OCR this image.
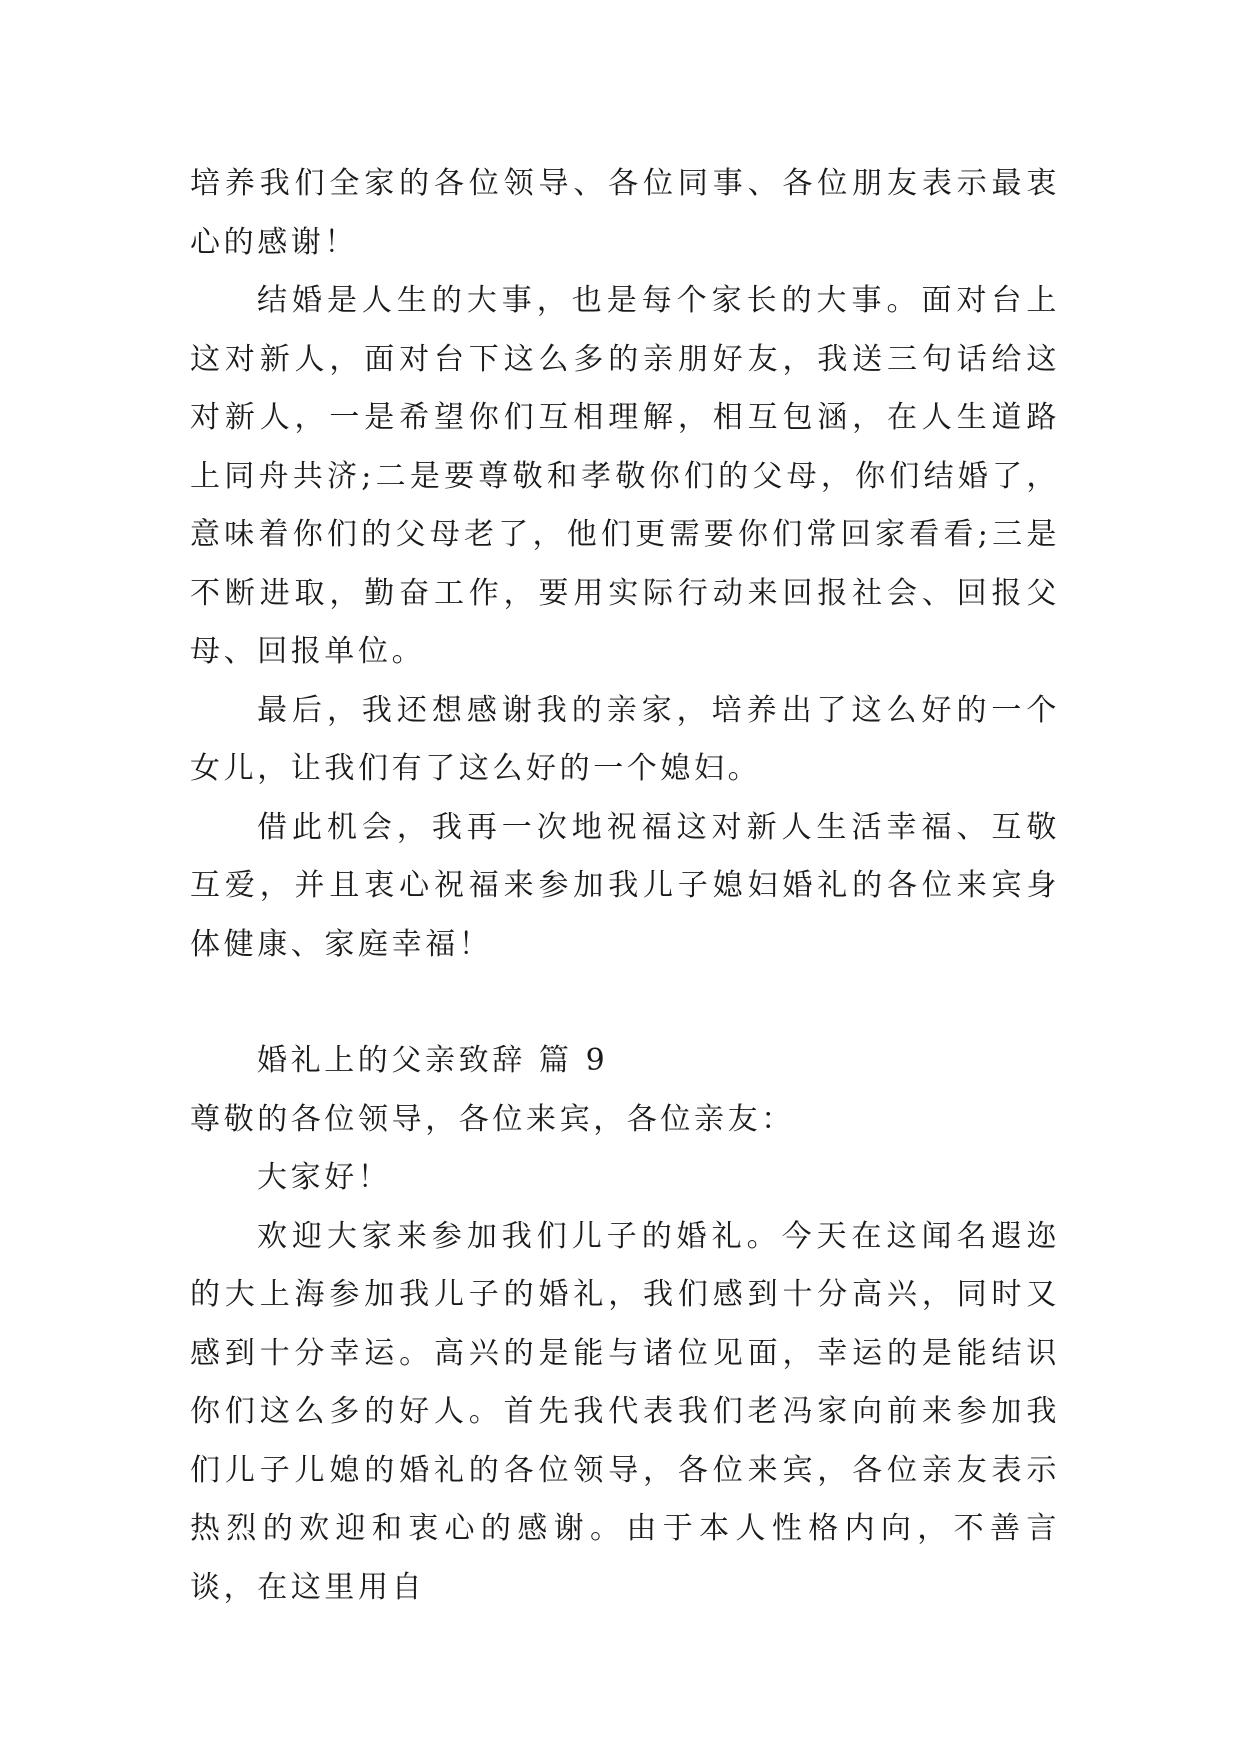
培养我们全家的各位领导、各位同事、各位朋友表示最衷心的感谢！

结婚是人生的大事，也是每个家长的大事。面对台上这对新人，面对台下这么多的亲朋好友，我送三句话给这对新人，一是希望你们互相理解，相互包涵，在人生道路上同舟共济;二是要尊敬和孝敬你们的父母，你们结婚了，意味着你们的父母老了，他们更需要你们常回家看看;三是不断进取，勤奋工作，要用实际行动来回报社会、回报父母、回报单位。

最后，我还想感谢我的亲家，培养出了这么好的一个女儿，让我们有了这么好的一个媳妇。

借此机会，我再一次地祝福这对新人生活幸福、互敬互爱，并且衷心祝福来参加我儿子媳妇婚礼的各位来宾身体健康、家庭幸福！

婚礼上的父亲致辞 篇 9

尊敬的各位领导，各位来宾，各位亲友：

大家好！

欢迎大家来参加我们儿子的婚礼。今天在这闻名遐迩的大上海参加我儿子的婚礼，我们感到十分高兴，同时又感到十分幸运。高兴的是能与诸位见面，幸运的是能结识你们这么多的好人。首先我代表我们老冯家向前来参加我们儿子儿媳的婚礼的各位领导，各位来宾，各位亲友表示热烈的欢迎和衷心的感谢。由于本人性格内向，不善言谈，在这里用自
